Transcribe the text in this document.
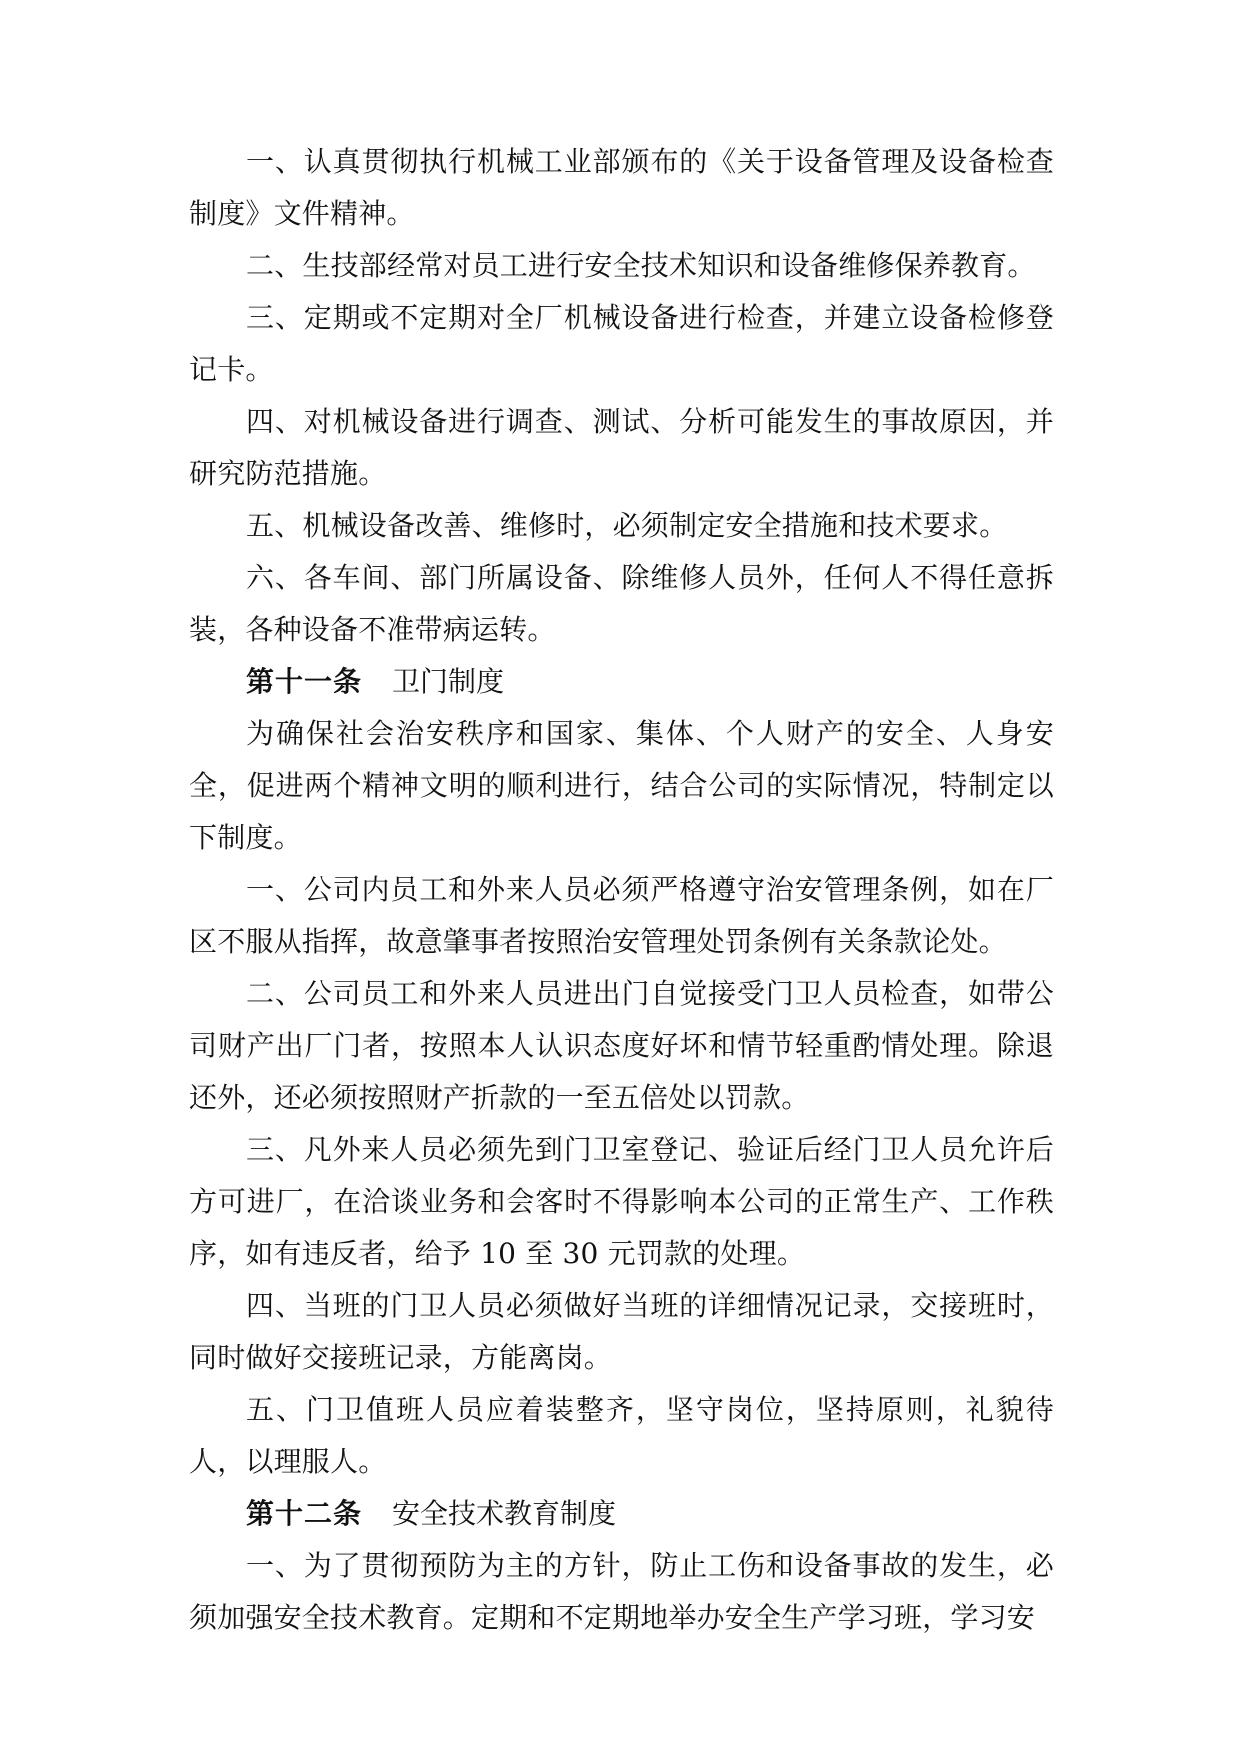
一、认真贯彻执行机械工业部颁布的《关于设备管理及设备检查制度》文件精神。

二、生技部经常对员工进行安全技术知识和设备维修保养教育。

三、定期或不定期对全厂机械设备进行检查，并建立设备检修登记卡。

四、对机械设备进行调查、测试、分析可能发生的事故原因，并研究防范措施。

五、机械设备改善、维修时，必须制定安全措施和技术要求。

六、各车间、部门所属设备、除维修人员外，任何人不得任意拆装，各种设备不准带病运转。

第十一条 卫门制度

为确保社会治安秩序和国家、集体、个人财产的安全、人身安全，促进两个精神文明的顺利进行，结合公司的实际情况，特制定以下制度。

一、公司内员工和外来人员必须严格遵守治安管理条例，如在厂区不服从指挥，故意肇事者按照治安管理处罚条例有关条款论处。

二、公司员工和外来人员进出门自觉接受门卫人员检查，如带公司财产出厂门者，按照本人认识态度好坏和情节轻重酌情处理。除退还外，还必须按照财产折款的一至五倍处以罚款。

三、凡外来人员必须先到门卫室登记、验证后经门卫人员允许后方可进厂，在洽谈业务和会客时不得影响本公司的正常生产、工作秩序，如有违反者，给予 10 至 30 元罚款的处理。

四、当班的门卫人员必须做好当班的详细情况记录，交接班时，同时做好交接班记录，方能离岗。

五、门卫值班人员应着装整齐，坚守岗位，坚持原则，礼貌待人，以理服人。

第十二条 安全技术教育制度

一、为了贯彻预防为主的方针，防止工伤和设备事故的发生，必须加强安全技术教育。定期和不定期地举办安全生产学习班，学习安
